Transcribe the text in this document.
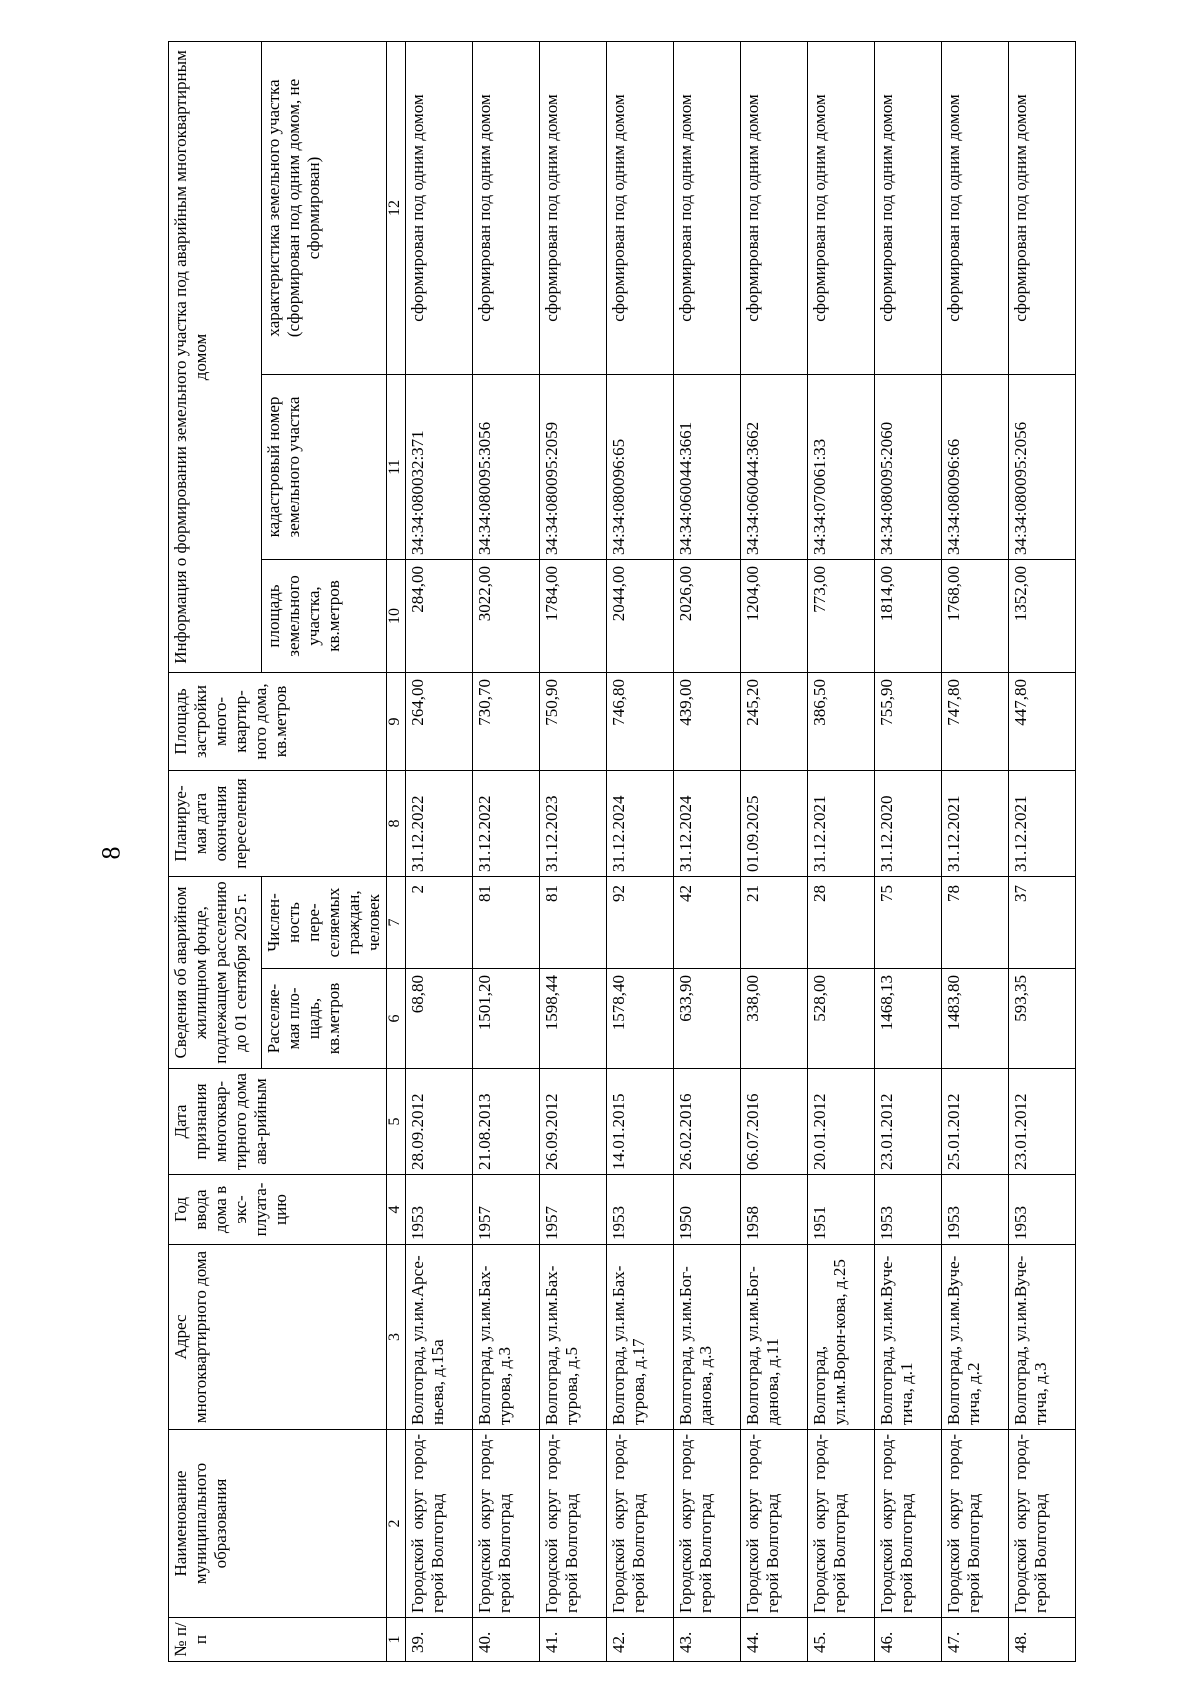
8
№ п/п	Наименование муниципального образования	Адрес многоквартирного дома	Год ввода дома в экс-плуата-цию	Дата признания многоквар-тирного дома ава-рийным	Сведения об аварийном жилищном фонде, подлежащем расселению до 01 сентября 2025 г.		Планируе-мая дата окончания переселения	Площадь застройки много-квартир-ного дома, кв.метров	Информация о формировании земельного участка под аварийным многоквартирным домом		
					Расселяе-мая пло-щадь, кв.метров	Числен-ность пере-селяемых граждан, человек			площадь земельного участка, кв.метров	кадастровый номер земельного участка	характеристика земельного участка (сформирован под одним домом, не сформирован)
1	2	3	4	5	6	7	8	9	10	11	12
39.	Городской округ город-герой Волгоград	Волгоград, ул.им.Арсе-ньева, д.15а	1953	28.09.2012	68,80	2	31.12.2022	264,00	284,00	34:34:080032:371	сформирован под одним домом
40.	Городской округ город-герой Волгоград	Волгоград, ул.им.Бах-турова, д.3	1957	21.08.2013	1501,20	81	31.12.2022	730,70	3022,00	34:34:080095:3056	сформирован под одним домом
41.	Городской округ город-герой Волгоград	Волгоград, ул.им.Бах-турова, д.5	1957	26.09.2012	1598,44	81	31.12.2023	750,90	1784,00	34:34:080095:2059	сформирован под одним домом
42.	Городской округ город-герой Волгоград	Волгоград, ул.им.Бах-турова, д.17	1953	14.01.2015	1578,40	92	31.12.2024	746,80	2044,00	34:34:080096:65	сформирован под одним домом
43.	Городской округ город-герой Волгоград	Волгоград, ул.им.Бог-данова, д.3	1950	26.02.2016	633,90	42	31.12.2024	439,00	2026,00	34:34:060044:3661	сформирован под одним домом
44.	Городской округ город-герой Волгоград	Волгоград, ул.им.Бог-данова, д.11	1958	06.07.2016	338,00	21	01.09.2025	245,20	1204,00	34:34:060044:3662	сформирован под одним домом
45.	Городской округ город-герой Волгоград	Волгоград, ул.им.Ворон-кова, д.25	1951	20.01.2012	528,00	28	31.12.2021	386,50	773,00	34:34:070061:33	сформирован под одним домом
46.	Городской округ город-герой Волгоград	Волгоград, ул.им.Вуче-тича, д.1	1953	23.01.2012	1468,13	75	31.12.2020	755,90	1814,00	34:34:080095:2060	сформирован под одним домом
47.	Городской округ город-герой Волгоград	Волгоград, ул.им.Вуче-тича, д.2	1953	25.01.2012	1483,80	78	31.12.2021	747,80	1768,00	34:34:080096:66	сформирован под одним домом
48.	Городской округ город-герой Волгоград	Волгоград, ул.им.Вуче-тича, д.3	1953	23.01.2012	593,35	37	31.12.2021	447,80	1352,00	34:34:080095:2056	сформирован под одним домом
